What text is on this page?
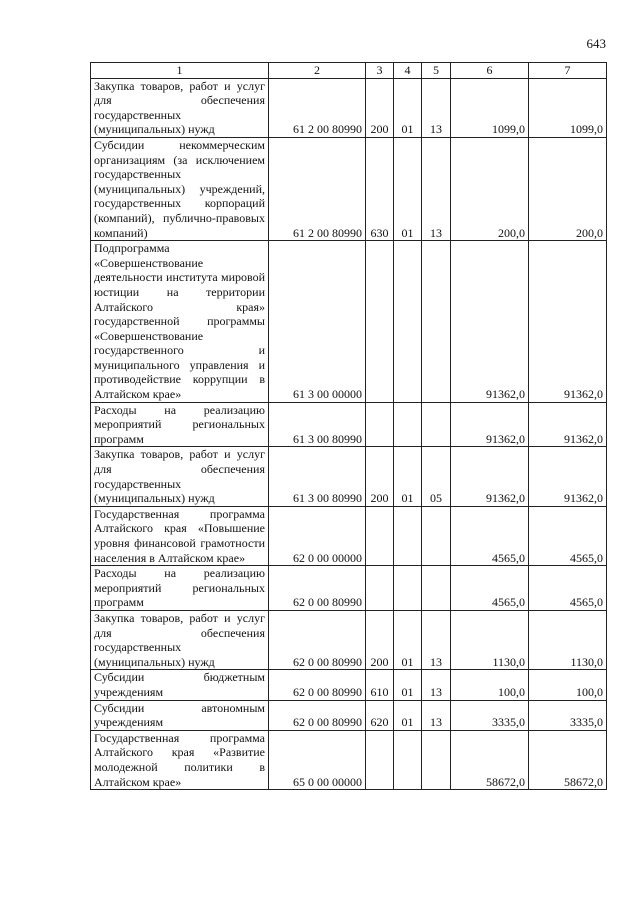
643
1	2	3	4	5	6	7
Закупка товаров, работ и услуг для обеспечения государственных (муниципальных) нужд	61 2 00 80990	200	01	13	1099,0	1099,0
Субсидии некоммерческим организациям (за исключением государственных (муниципальных) учреждений, государственных корпораций (компаний), публично-правовых компаний)	61 2 00 80990	630	01	13	200,0	200,0
Подпрограмма «Совершенствование деятельности института мировой юстиции на территории Алтайского края» государственной программы «Совершенствование государственного и муниципального управления и противодействие коррупции в Алтайском крае»	61 3 00 00000				91362,0	91362,0
Расходы на реализацию мероприятий региональных программ	61 3 00 80990				91362,0	91362,0
Закупка товаров, работ и услуг для обеспечения государственных (муниципальных) нужд	61 3 00 80990	200	01	05	91362,0	91362,0
Государственная программа Алтайского края «Повышение уровня финансовой грамотности населения в Алтайском крае»	62 0 00 00000				4565,0	4565,0
Расходы на реализацию мероприятий региональных программ	62 0 00 80990				4565,0	4565,0
Закупка товаров, работ и услуг для обеспечения государственных (муниципальных) нужд	62 0 00 80990	200	01	13	1130,0	1130,0
Субсидии бюджетным учреждениям	62 0 00 80990	610	01	13	100,0	100,0
Субсидии автономным учреждениям	62 0 00 80990	620	01	13	3335,0	3335,0
Государственная программа Алтайского края «Развитие молодежной политики в Алтайском крае»	65 0 00 00000				58672,0	58672,0
